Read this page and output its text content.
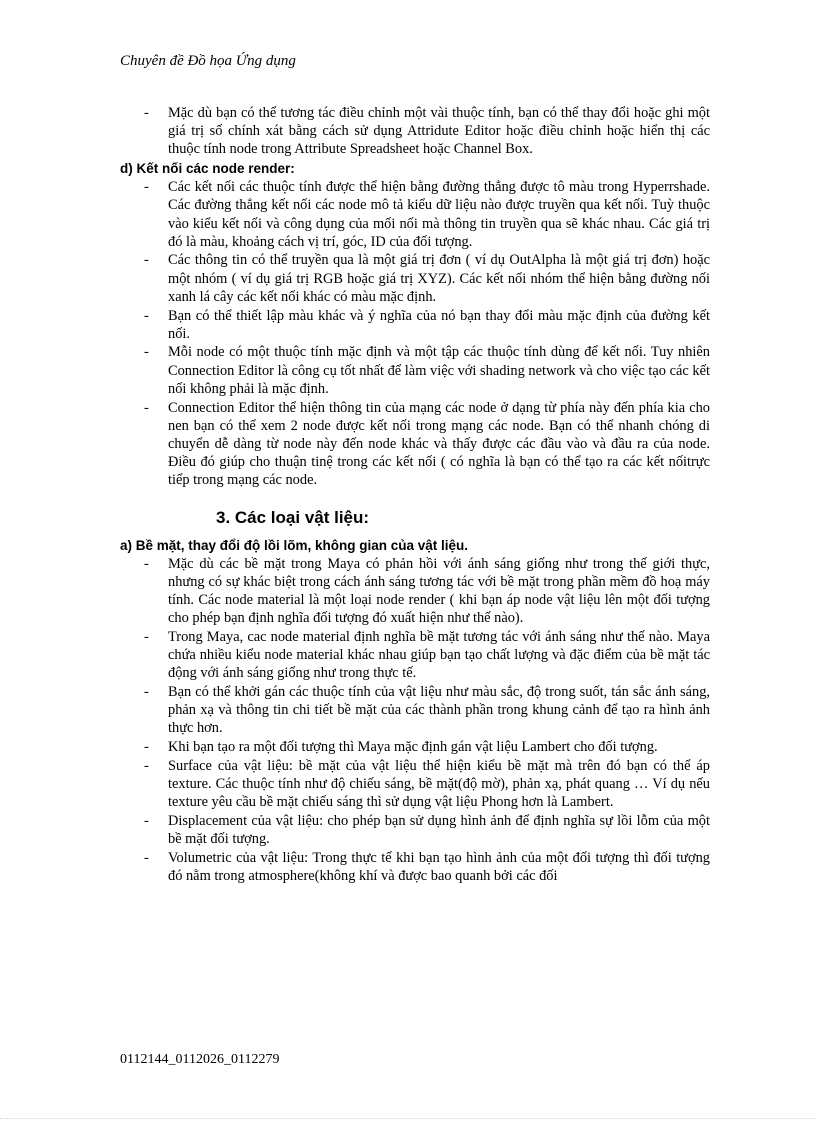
Chuyên đề Đồ họa Ứng dụng
- Mặc dù bạn có thể tương tác điều chỉnh một vài thuộc tính, bạn có thể thay đổi hoặc ghi một giá trị số chính xát bằng cách sử dụng Attridute Editor hoặc điều chỉnh hoặc hiển thị các thuộc tính node trong Attribute Spreadsheet hoặc Channel Box.
d) Kết nối các node render:
- Các kết nối các thuộc tính được thể hiện bằng đường thẳng được tô màu trong Hyperrshade. Các đường thẳng kết nối các node mô tả kiểu dữ liệu nào được truyền qua kết nối. Tuỳ thuộc vào kiểu kết nối và công dụng của mối nối mà thông tin truyền qua sẽ khác nhau. Các giá trị đó là màu, khoảng cách vị trí, góc, ID của đối tượng.
- Các thông tin có thể truyền qua là một giá trị đơn ( ví dụ OutAlpha là một giá trị đơn) hoặc một nhóm ( ví dụ giá trị RGB hoặc giá trị XYZ). Các kết nối nhóm thể hiện bằng đường nối xanh lá cây các kết nối khác có màu mặc định.
- Bạn có thể thiết lập màu khác và ý nghĩa của nó bạn thay đổi màu mặc định của đường kết nối.
- Mỗi node có một thuộc tính mặc định và một tập các thuộc tính dùng để kết nối. Tuy nhiên Connection Editor là công cụ tốt nhất để làm việc với shading network và cho việc tạo các kết nối không phải là mặc định.
- Connection Editor thể hiện thông tin của mạng các node ở dạng từ phía này đến phía kia cho nen bạn có thể xem 2 node được kết nối trong mạng các node. Bạn có thể nhanh chóng di chuyển dễ dàng từ node này đến node khác và thấy được các đầu vào và đầu ra của node. Điều đó giúp cho thuận tinệ trong các kết nối ( có nghĩa là bạn có thể tạo ra các kết nốitrực tiếp trong mạng các node.
3. Các loại vật liệu:
a) Bề mặt, thay đổi độ lồi lõm, không gian của vật liệu.
- Mặc dù các bề mặt trong Maya có phản hồi với ánh sáng giống như trong thế giới thực, nhưng có sự khác biệt trong cách ánh sáng tương tác với bề mặt trong phần mềm đồ hoạ máy tính. Các node material là một loại node render ( khi bạn áp node vật liệu lên một đối tượng cho phép bạn định nghĩa đối tượng đó xuất hiện như thế nào).
- Trong Maya, cac node material định nghĩa bề mặt tương tác với ánh sáng như thế nào. Maya chứa nhiều kiểu node material khác nhau giúp bạn tạo chất lượng và đặc điểm của bề mặt tác động với ánh sáng giống như trong thực tế.
- Bạn có thể khởi gán các thuộc tính của vật liệu như màu sắc, độ trong suốt, tán sắc ánh sáng, phản xạ và thông tin chi tiết bề mặt của các thành phần trong khung cảnh để tạo ra hình ảnh thực hơn.
- Khi bạn tạo ra một đối tượng thì Maya mặc định gán vật liệu Lambert cho đối tượng.
- Surface của vật liệu: bề mặt của vật liệu thể hiện kiểu bề mặt mà trên đó bạn có thể áp texture. Các thuộc tính như độ chiếu sáng, bề mặt(độ mờ), phản xạ, phát quang … Ví dụ nếu texture yêu cầu bề mặt chiếu sáng thì sử dụng vật liệu Phong hơn là Lambert.
- Displacement của vật liệu: cho phép bạn sử dụng hình ảnh để định nghĩa sự lồi lỗm của một bề mặt đối tượng.
- Volumetric của vật liệu: Trong thực tế khi bạn tạo hình ảnh của một đối tượng thì đối tượng đó nằm trong atmosphere(không khí và được bao quanh bởi các đối
0112144_0112026_0112279
